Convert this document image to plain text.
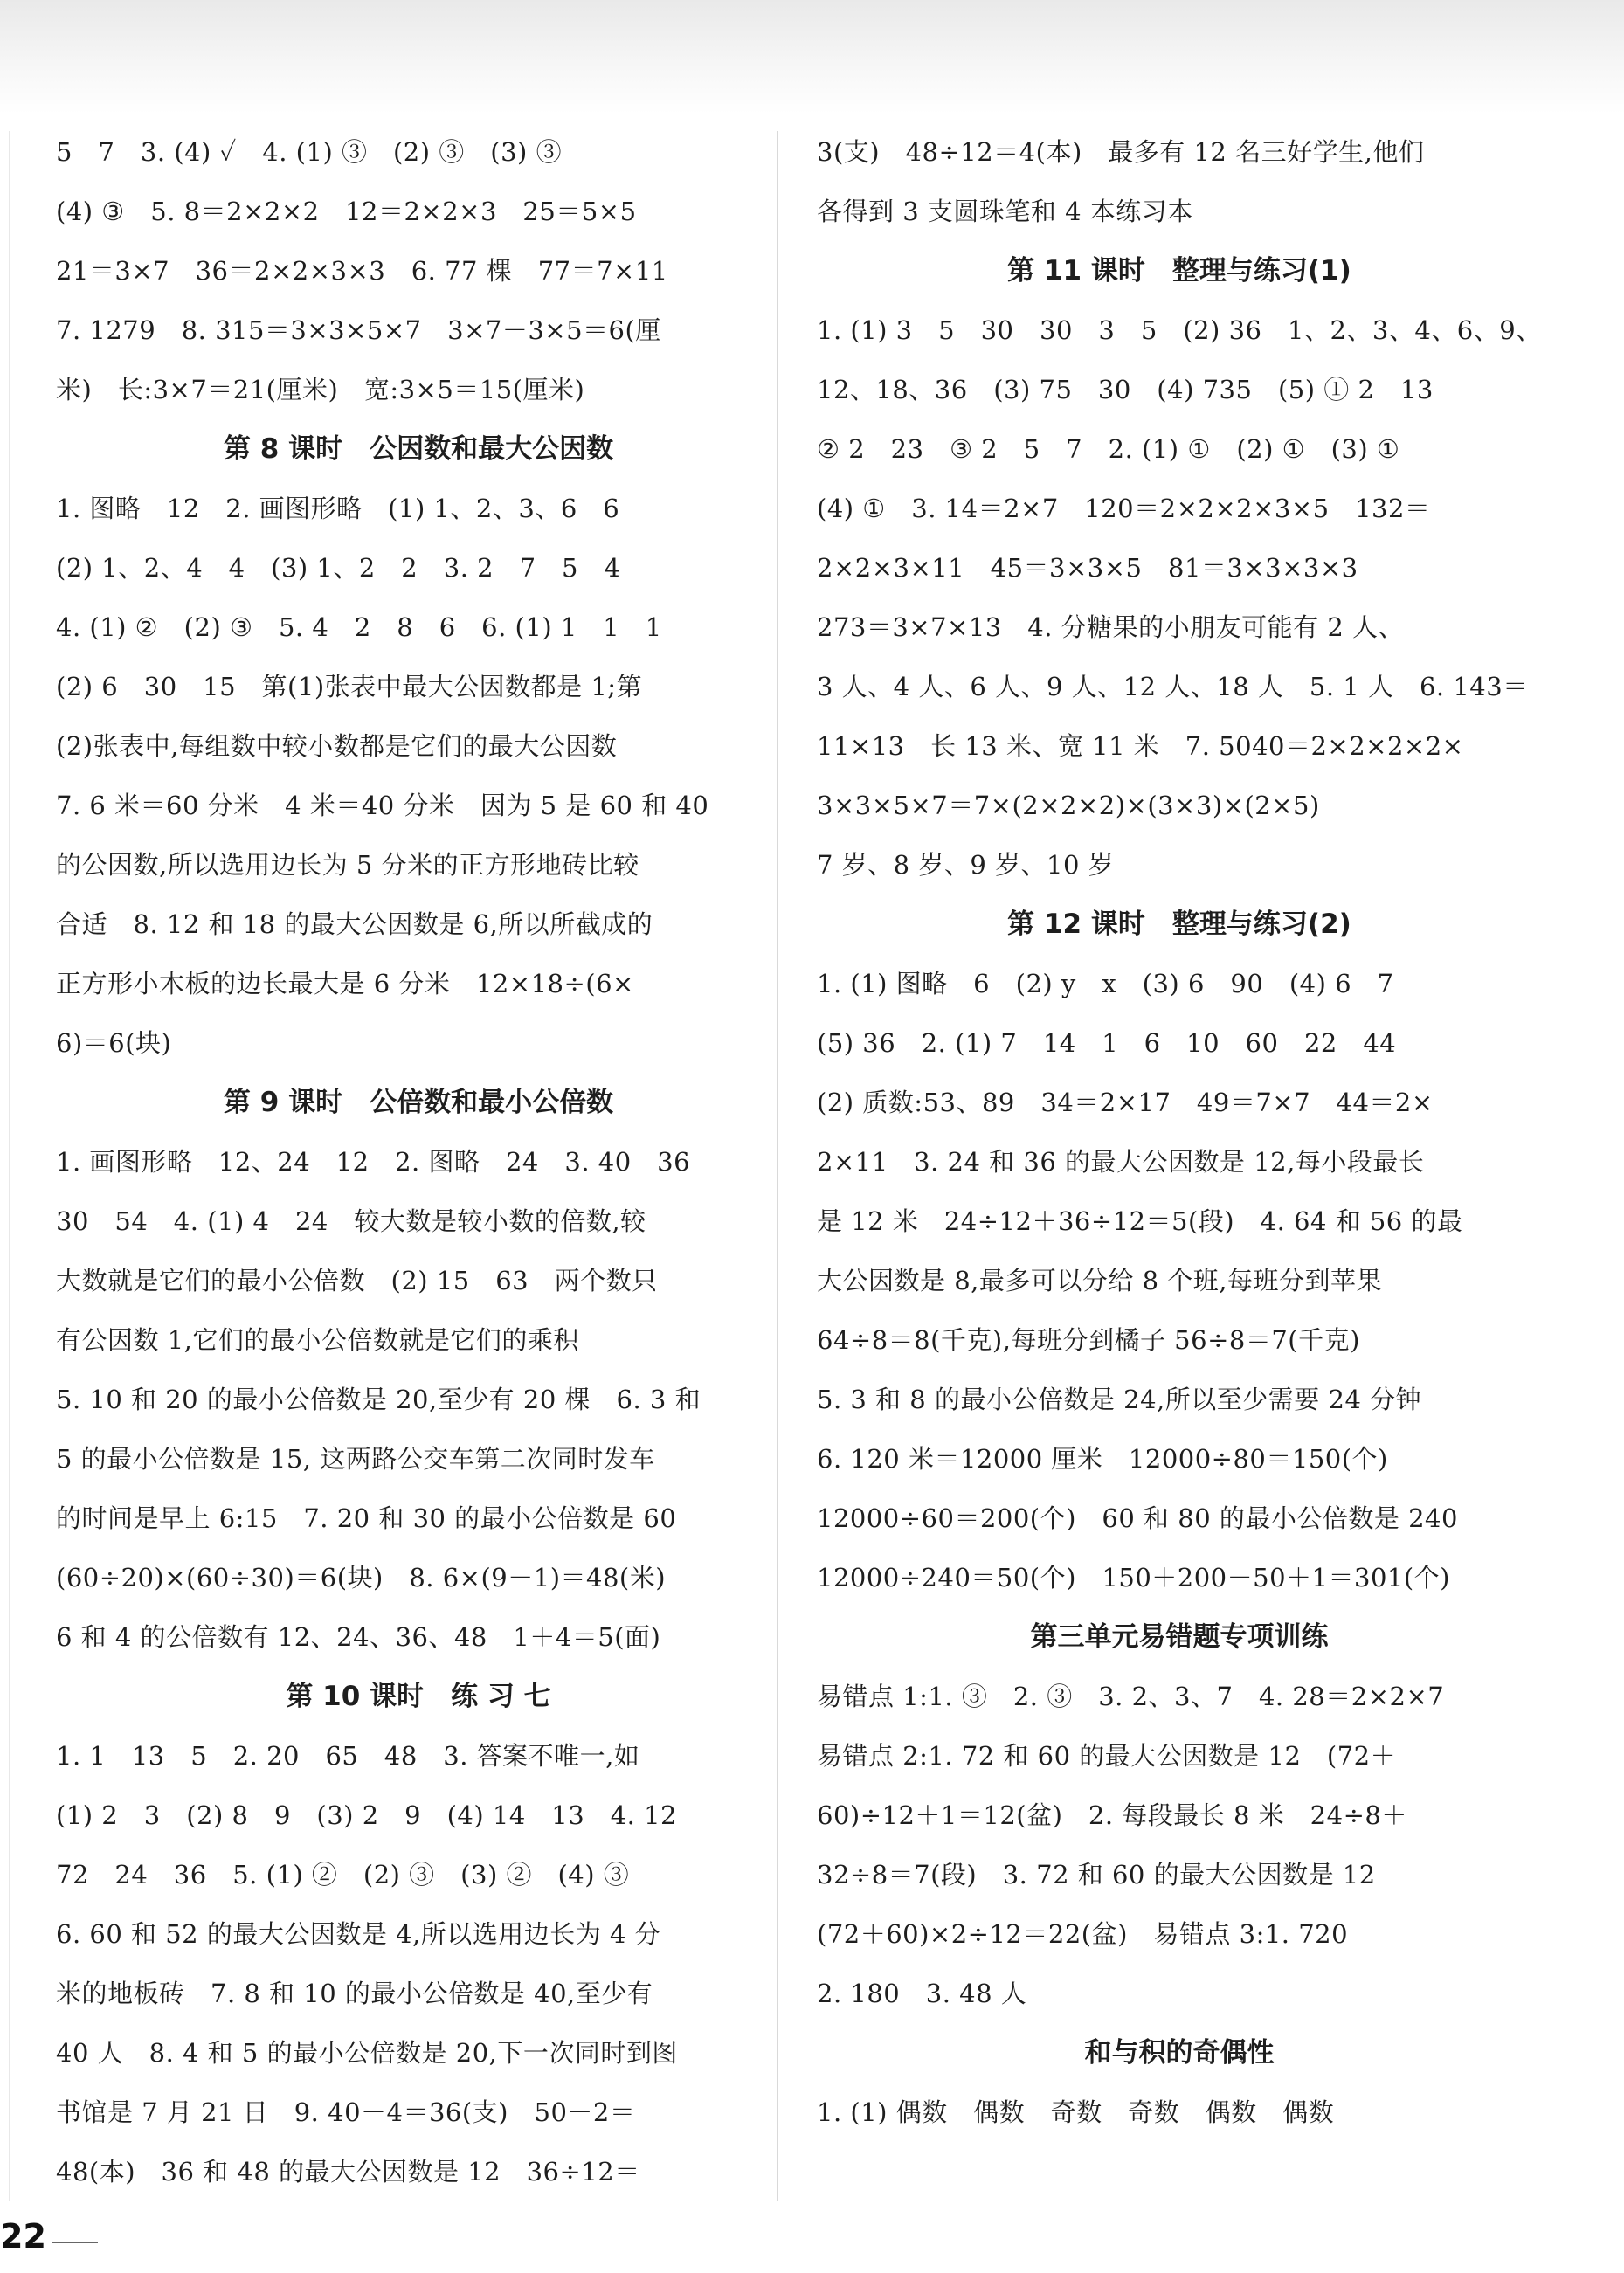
5　7　3. (4) ✓　4. (1) ③　(2) ③　(3) ③
(4) ③　5. 8＝2×2×2　12＝2×2×3　25＝5×5
21＝3×7　36＝2×2×3×3　6. 77 棵　77＝7×11
7. 1279　8. 315＝3×3×5×7　3×7－3×5＝6(厘
米)　长:3×7＝21(厘米)　宽:3×5＝15(厘米)
第 8 课时　公因数和最大公因数
1. 图略　12　2. 画图形略　(1) 1、2、3、6　6
(2) 1、2、4　4　(3) 1、2　2　3. 2　7　5　4
4. (1) ②　(2) ③　5. 4　2　8　6　6. (1) 1　1　1
(2) 6　30　15　第(1)张表中最大公因数都是 1;第
(2)张表中,每组数中较小数都是它们的最大公因数
7. 6 米＝60 分米　4 米＝40 分米　因为 5 是 60 和 40
的公因数,所以选用边长为 5 分米的正方形地砖比较
合适　8. 12 和 18 的最大公因数是 6,所以所截成的
正方形小木板的边长最大是 6 分米　12×18÷(6×
6)＝6(块)
第 9 课时　公倍数和最小公倍数
1. 画图形略　12、24　12　2. 图略　24　3. 40　36
30　54　4. (1) 4　24　较大数是较小数的倍数,较
大数就是它们的最小公倍数　(2) 15　63　两个数只
有公因数 1,它们的最小公倍数就是它们的乘积
5. 10 和 20 的最小公倍数是 20,至少有 20 棵　6. 3 和
5 的最小公倍数是 15, 这两路公交车第二次同时发车
的时间是早上 6:15　7. 20 和 30 的最小公倍数是 60
(60÷20)×(60÷30)＝6(块)　8. 6×(9－1)＝48(米)
6 和 4 的公倍数有 12、24、36、48　1＋4＝5(面)
第 10 课时　练 习 七
1. 1　13　5　2. 20　65　48　3. 答案不唯一,如
(1) 2　3　(2) 8　9　(3) 2　9　(4) 14　13　4. 12
72　24　36　5. (1) ②　(2) ③　(3) ②　(4) ③
6. 60 和 52 的最大公因数是 4,所以选用边长为 4 分
米的地板砖　7. 8 和 10 的最小公倍数是 40,至少有
40 人　8. 4 和 5 的最小公倍数是 20,下一次同时到图
书馆是 7 月 21 日　9. 40－4＝36(支)　50－2＝
48(本)　36 和 48 的最大公因数是 12　36÷12＝
3(支)　48÷12＝4(本)　最多有 12 名三好学生,他们
各得到 3 支圆珠笔和 4 本练习本
第 11 课时　整理与练习(1)
1. (1) 3　5　30　30　3　5　(2) 36　1、2、3、4、6、9、
12、18、36　(3) 75　30　(4) 735　(5) ① 2　13
② 2　23　③ 2　5　7　2. (1) ①　(2) ①　(3) ①
(4) ①　3. 14＝2×7　120＝2×2×2×3×5　132＝
2×2×3×11　45＝3×3×5　81＝3×3×3×3
273＝3×7×13　4. 分糖果的小朋友可能有 2 人、
3 人、4 人、6 人、9 人、12 人、18 人　5. 1 人　6. 143＝
11×13　长 13 米、宽 11 米　7. 5040＝2×2×2×2×
3×3×5×7＝7×(2×2×2)×(3×3)×(2×5)
7 岁、8 岁、9 岁、10 岁
第 12 课时　整理与练习(2)
1. (1) 图略　6　(2) y　x　(3) 6　90　(4) 6　7
(5) 36　2. (1) 7　14　1　6　10　60　22　44
(2) 质数:53、89　34＝2×17　49＝7×7　44＝2×
2×11　3. 24 和 36 的最大公因数是 12,每小段最长
是 12 米　24÷12＋36÷12＝5(段)　4. 64 和 56 的最
大公因数是 8,最多可以分给 8 个班,每班分到苹果
64÷8＝8(千克),每班分到橘子 56÷8＝7(千克)
5. 3 和 8 的最小公倍数是 24,所以至少需要 24 分钟
6. 120 米＝12000 厘米　12000÷80＝150(个)
12000÷60＝200(个)　60 和 80 的最小公倍数是 240
12000÷240＝50(个)　150＋200－50＋1＝301(个)
第三单元易错题专项训练
易错点 1:1. ③　2. ③　3. 2、3、7　4. 28＝2×2×7
易错点 2:1. 72 和 60 的最大公因数是 12　(72＋
60)÷12＋1＝12(盆)　2. 每段最长 8 米　24÷8＋
32÷8＝7(段)　3. 72 和 60 的最大公因数是 12
(72＋60)×2÷12＝22(盆)　易错点 3:1. 720
2. 180　3. 48 人
和与积的奇偶性
1. (1) 偶数　偶数　奇数　奇数　偶数　偶数
22
